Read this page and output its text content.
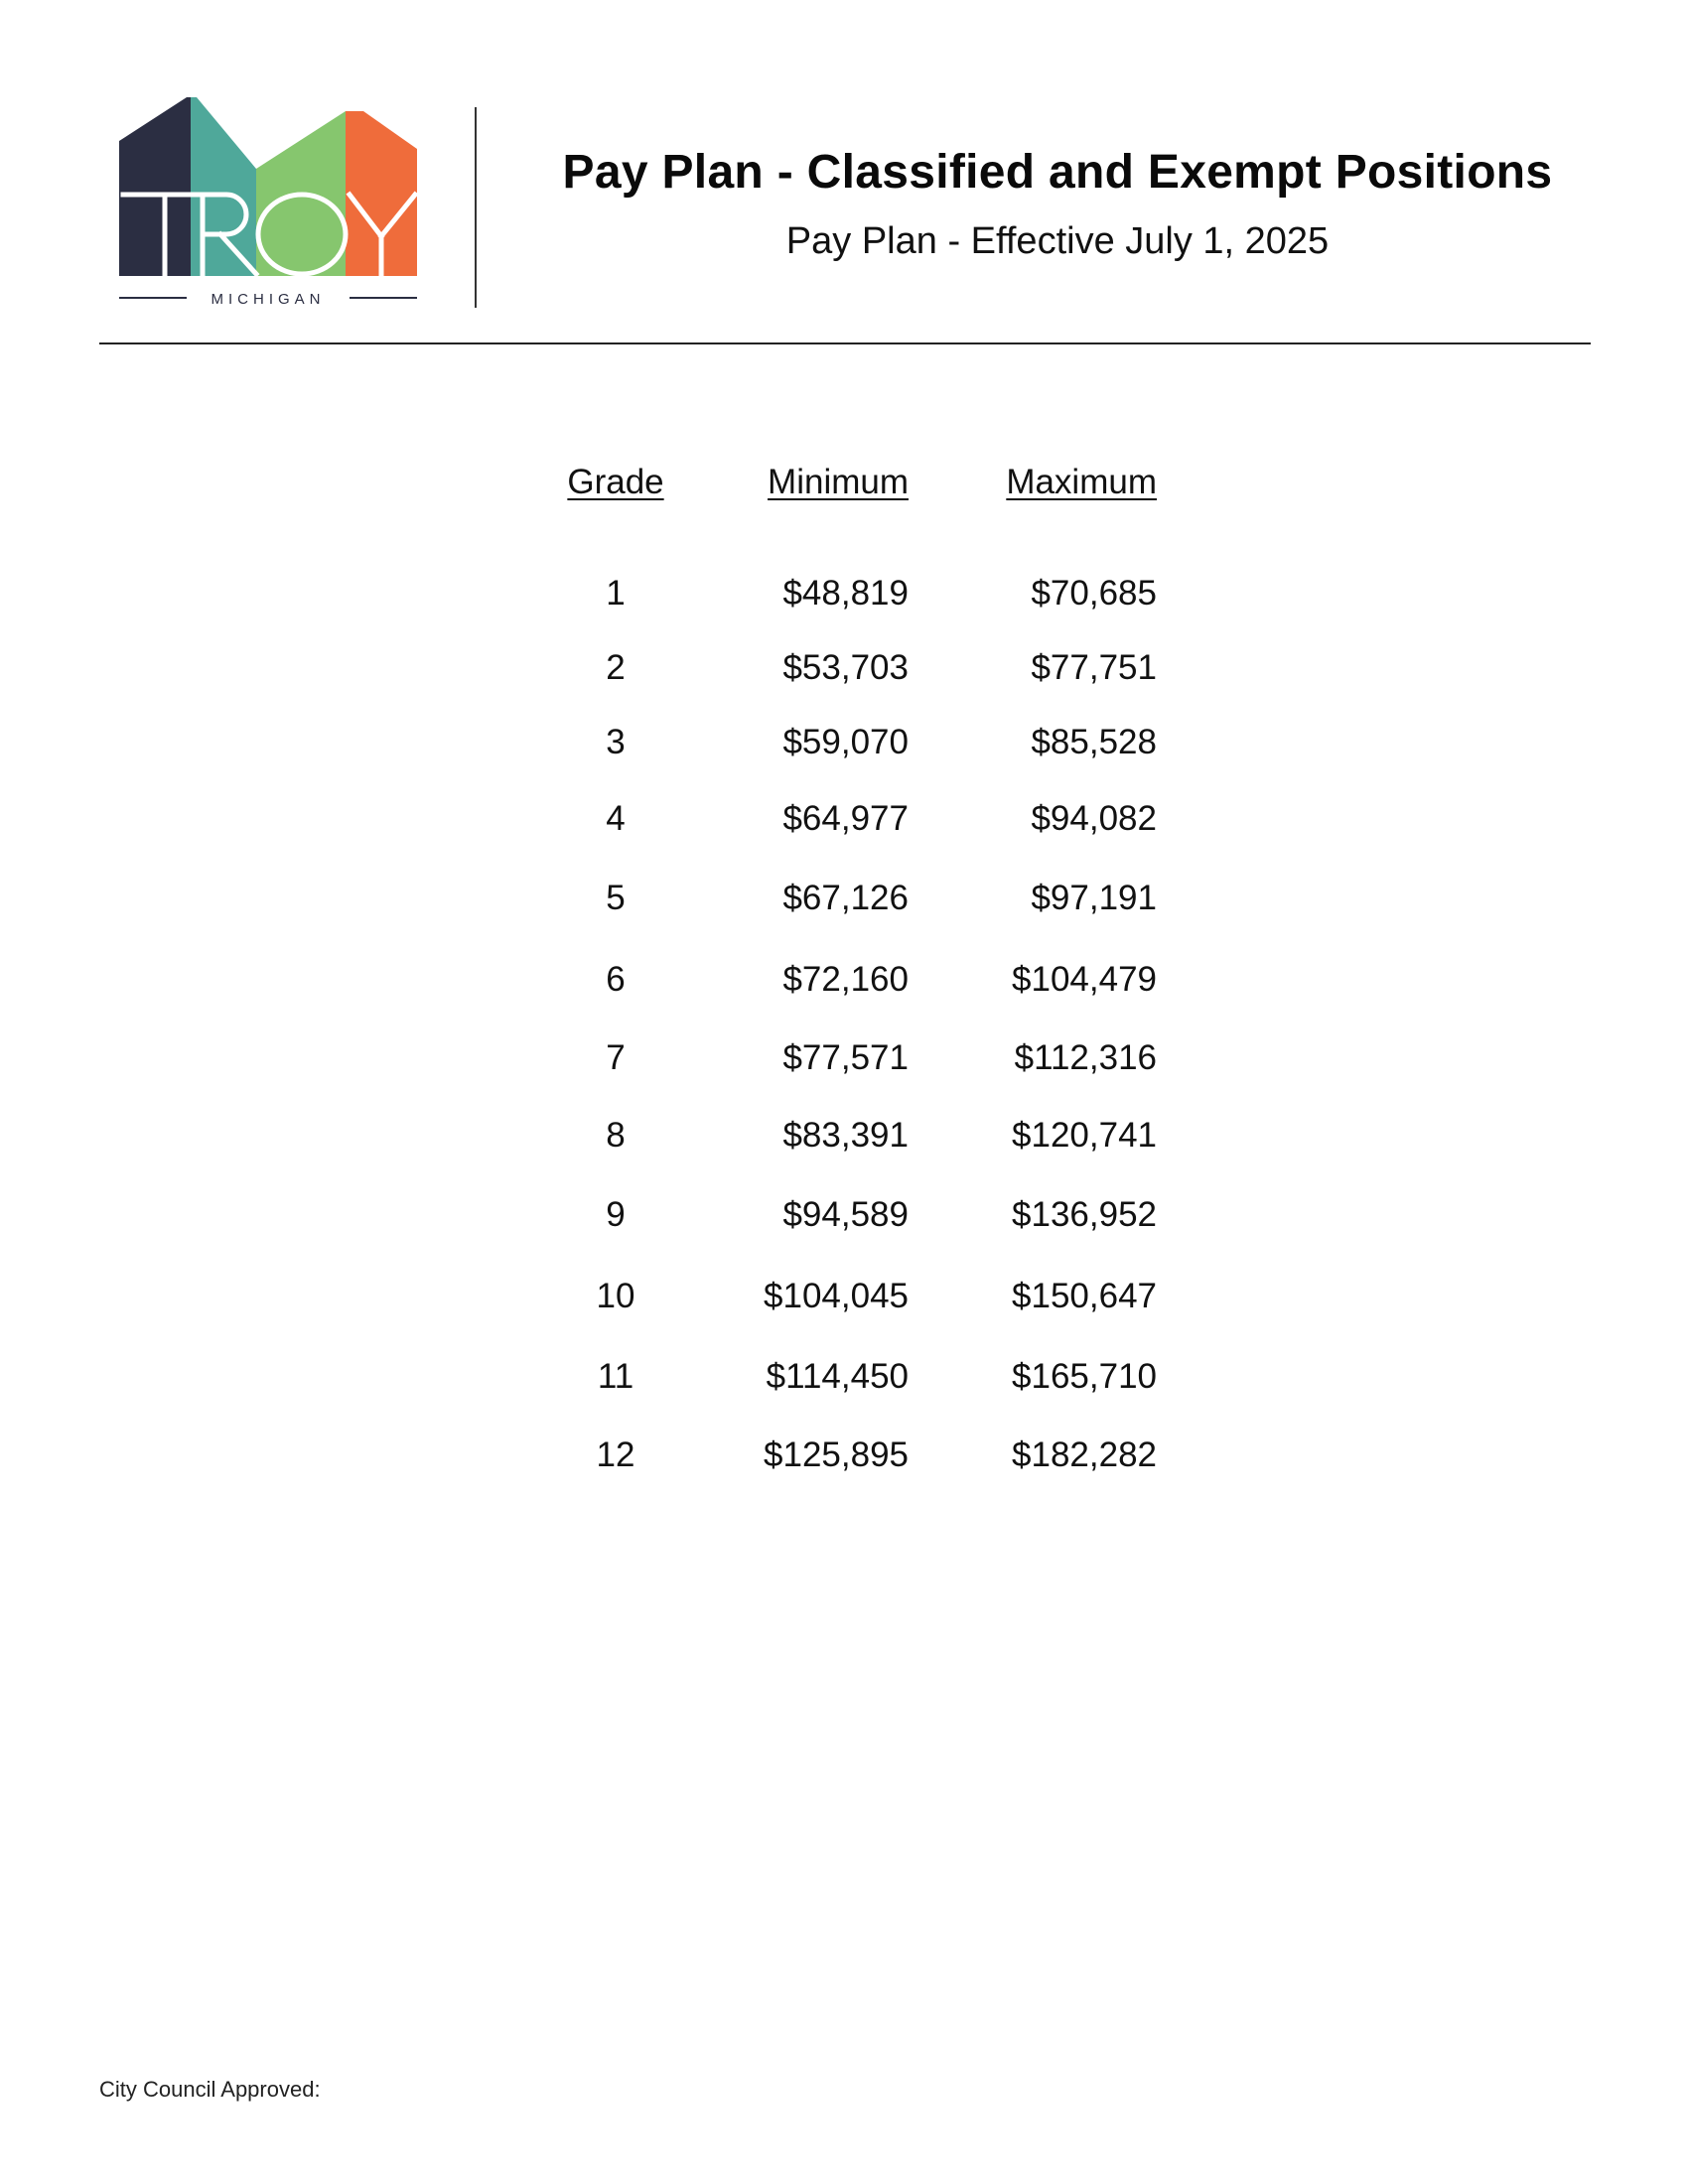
MICHIGAN
TROY
Pay Plan - Classified and Exempt Positions
Pay Plan - Effective July 1, 2025
Grade	Minimum	Maximum
1	$48,819	$70,685
2	$53,703	$77,751
3	$59,070	$85,528
4	$64,977	$94,082
5	$67,126	$97,191
6	$72,160	$104,479
7	$77,571	$112,316
8	$83,391	$120,741
9	$94,589	$136,952
10	$104,045	$150,647
11	$114,450	$165,710
12	$125,895	$182,282
City Council Approved:
